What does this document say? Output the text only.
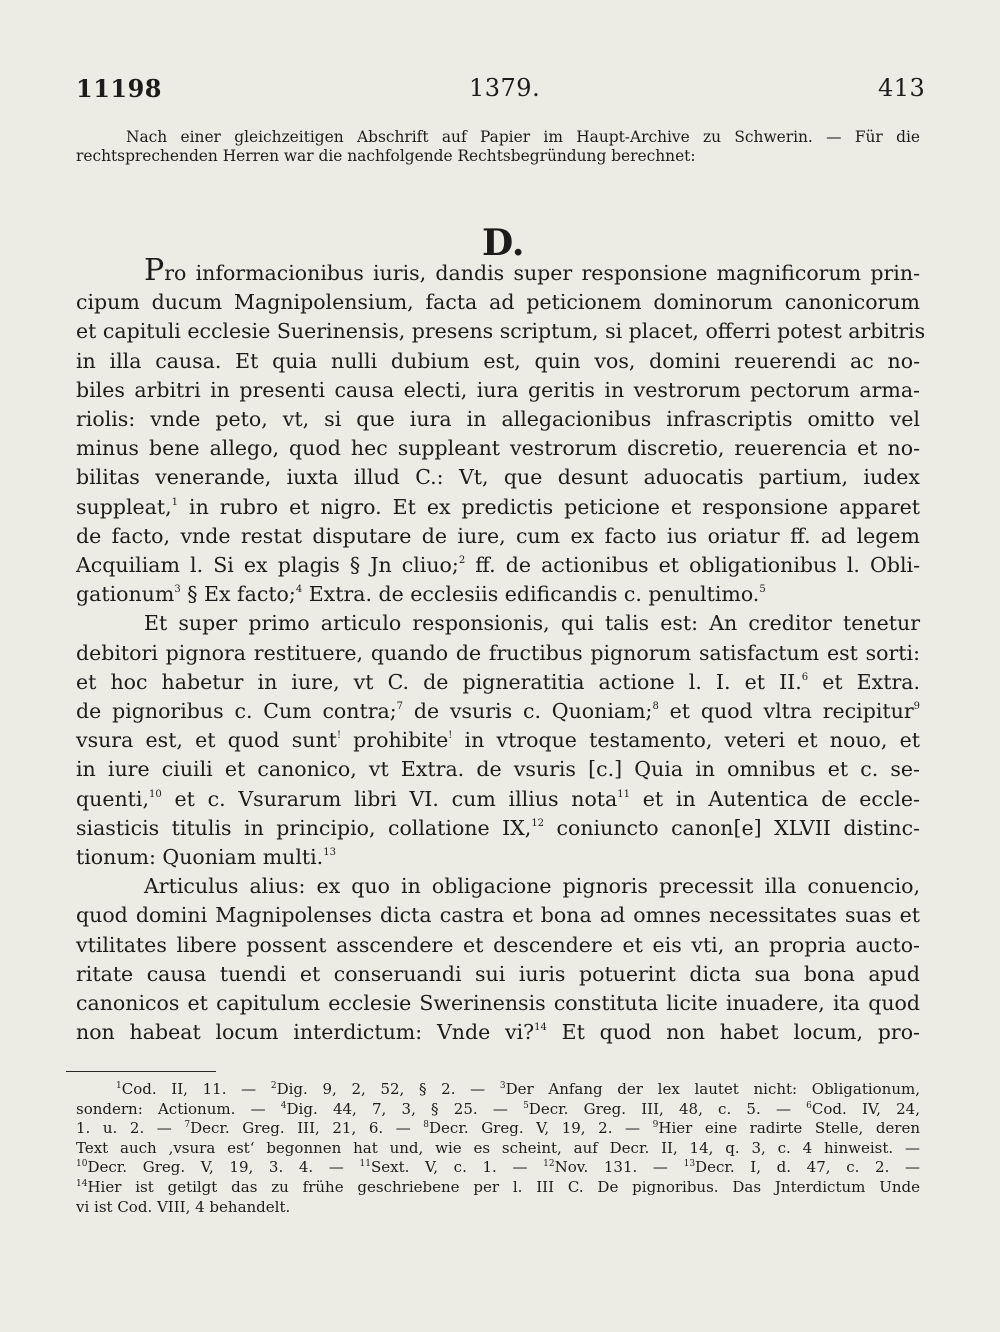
11198	1379.	413
Nach einer gleichzeitigen Abschrift auf Papier im Haupt-Archive zu Schwerin. — Für die
rechtsprechenden Herren war die nachfolgende Rechtsbegründung berechnet:
D.
Pro informacionibus iuris, dandis super responsione magnificorum prin-
cipum ducum Magnipolensium, facta ad peticionem dominorum canonicorum
et capituli ecclesie Suerinensis, presens scriptum, si placet, offerri potest arbitris
in illa causa. Et quia nulli dubium est, quin vos, domini reuerendi ac no-
biles arbitri in presenti causa electi, iura geritis in vestrorum pectorum arma-
riolis: vnde peto, vt, si que iura in allegacionibus infrascriptis omitto vel
minus bene allego, quod hec suppleant vestrorum discretio, reuerencia et no-
bilitas venerande, iuxta illud C.: Vt, que desunt aduocatis partium, iudex
suppleat,$^1$ in rubro et nigro. Et ex predictis peticione et responsione apparet
de facto, vnde restat disputare de iure, cum ex facto ius oriatur ff. ad legem
Acquiliam l. Si ex plagis § Jn cliuo;$^2$ ff. de actionibus et obligationibus l. Obli-
gationum$^3$ § Ex facto;$^4$ Extra. de ecclesiis edificandis c. penultimo.$^5$
Et super primo articulo responsionis, qui talis est: An creditor tenetur
debitori pignora restituere, quando de fructibus pignorum satisfactum est sorti:
et hoc habetur in iure, vt C. de pigneratitia actione l. I. et II.$^6$ et Extra.
de pignoribus c. Cum contra;$^7$ de vsuris c. Quoniam;$^8$ et quod vltra recipitur$^9$
vsura est, et quod sunt! prohibite! in vtroque testamento, veteri et nouo, et
in iure ciuili et canonico, vt Extra. de vsuris [c.] Quia in omnibus et c. se-
quenti,$^{10}$ et c. Vsurarum libri VI. cum illius nota$^{11}$ et in Autentica de eccle-
siasticis titulis in principio, collatione IX,$^{12}$ coniuncto canon[e] XLVII distinc-
tionum: Quoniam multi.$^{13}$
Articulus alius: ex quo in obligacione pignoris precessit illa conuencio,
quod domini Magnipolenses dicta castra et bona ad omnes necessitates suas et
vtilitates libere possent asscendere et descendere et eis vti, an propria aucto-
ritate causa tuendi et conseruandi sui iuris potuerint dicta sua bona apud
canonicos et capitulum ecclesie Swerinensis constituta licite inuadere, ita quod
non habeat locum interdictum: Vnde vi?$^{14}$ Et quod non habet locum, pro-
$^1$Cod. II, 11. — $^2$Dig. 9, 2, 52, § 2. — $^3$Der Anfang der lex lautet nicht: Obligationum,
sondern: Actionum. — $^4$Dig. 44, 7, 3, § 25. — $^5$Decr. Greg. III, 48, c. 5. — $^6$Cod. IV, 24,
1. u. 2. — $^7$Decr. Greg. III, 21, 6. — $^8$Decr. Greg. V, 19, 2. — $^9$Hier eine radirte Stelle, deren
Text auch ‚vsura est‘ begonnen hat und, wie es scheint, auf Decr. II, 14, q. 3, c. 4 hinweist. —
$^{10}$Decr. Greg. V, 19, 3. 4. — $^{11}$Sext. V, c. 1. — $^{12}$Nov. 131. — $^{13}$Decr. I, d. 47, c. 2. —
$^{14}$Hier ist getilgt das zu frühe geschriebene per l. III C. De pignoribus. Das Jnterdictum Unde
vi ist Cod. VIII, 4 behandelt.
